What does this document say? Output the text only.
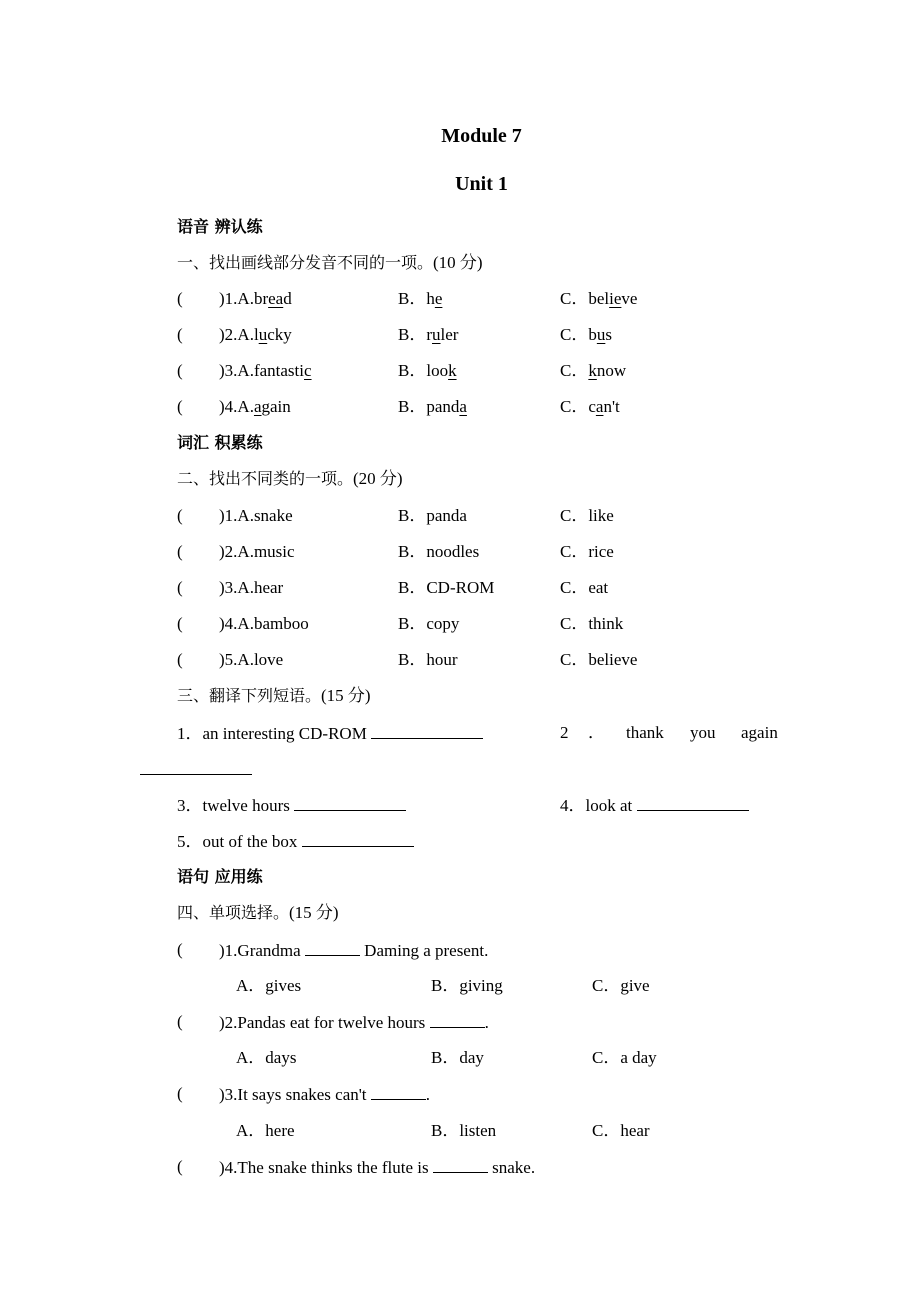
Module 7
Unit 1
语音 辨认练
一、找出画线部分发音不同的一项。(10 分)
( )1.A.bread	B．he	C．believe
( )2.A.lucky	B．ruler	C．bus
( )3.A.fantastic	B．look	C．know
( )4.A.again	B．panda	C．can't
词汇 积累练
二、找出不同类的一项。(20 分)
( )1.A.snake	B．panda	C．like
( )2.A.music	B．noodles	C．rice
( )3.A.hear	B．CD-ROM	C．eat
( )4.A.bamboo	B．copy	C．think
( )5.A.love	B．hour	C．believe
三、翻译下列短语。(15 分)
1．an interesting CD-ROM	2 ． thank you again
3．twelve hours	4．look at
5．out of the box
语句 应用练
四、单项选择。(15 分)
( )1.Grandma	Daming a present.
A．gives	B．giving	C．give
( )2.Pandas eat for twelve hours	.
A．days	B．day	C．a day
( )3.It says snakes can't	.
A．here	B．listen	C．hear
( )4.The snake thinks the flute is	snake.
